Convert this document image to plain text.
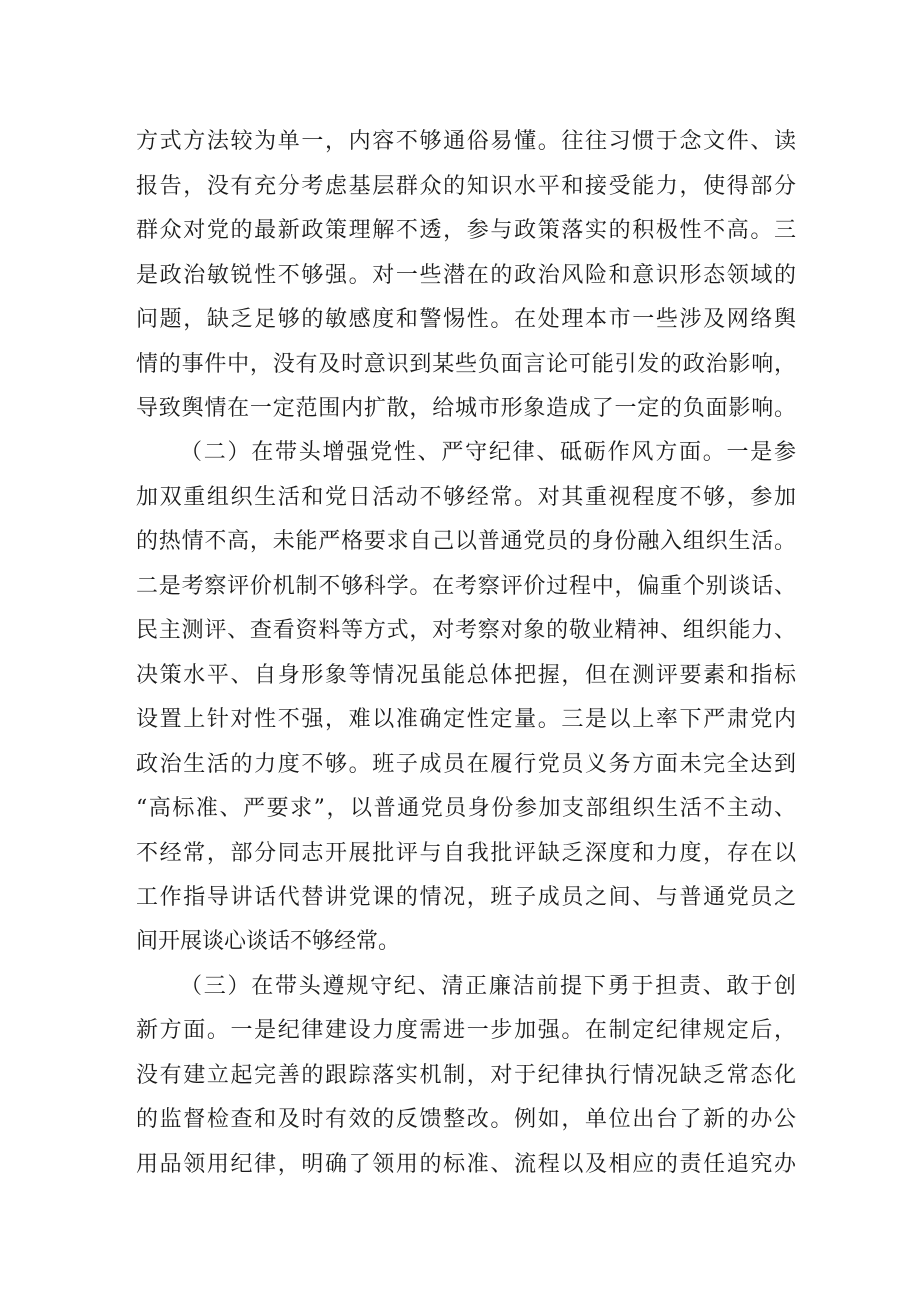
方式方法较为单一，内容不够通俗易懂。往往习惯于念文件、读
报告，没有充分考虑基层群众的知识水平和接受能力，使得部分
群众对党的最新政策理解不透，参与政策落实的积极性不高。三
是政治敏锐性不够强。对一些潜在的政治风险和意识形态领域的
问题，缺乏足够的敏感度和警惕性。在处理本市一些涉及网络舆
情的事件中，没有及时意识到某些负面言论可能引发的政治影响，
导致舆情在一定范围内扩散，给城市形象造成了一定的负面影响。
（二）在带头增强党性、严守纪律、砥砺作风方面。一是参
加双重组织生活和党日活动不够经常。对其重视程度不够，参加
的热情不高，未能严格要求自己以普通党员的身份融入组织生活。
二是考察评价机制不够科学。在考察评价过程中，偏重个别谈话、
民主测评、查看资料等方式，对考察对象的敬业精神、组织能力、
决策水平、自身形象等情况虽能总体把握，但在测评要素和指标
设置上针对性不强，难以准确定性定量。三是以上率下严肃党内
政治生活的力度不够。班子成员在履行党员义务方面未完全达到
“高标准、严要求”，以普通党员身份参加支部组织生活不主动、
不经常，部分同志开展批评与自我批评缺乏深度和力度，存在以
工作指导讲话代替讲党课的情况，班子成员之间、与普通党员之
间开展谈心谈话不够经常。
（三）在带头遵规守纪、清正廉洁前提下勇于担责、敢于创
新方面。一是纪律建设力度需进一步加强。在制定纪律规定后，
没有建立起完善的跟踪落实机制，对于纪律执行情况缺乏常态化
的监督检查和及时有效的反馈整改。例如，单位出台了新的办公
用品领用纪律，明确了领用的标准、流程以及相应的责任追究办
